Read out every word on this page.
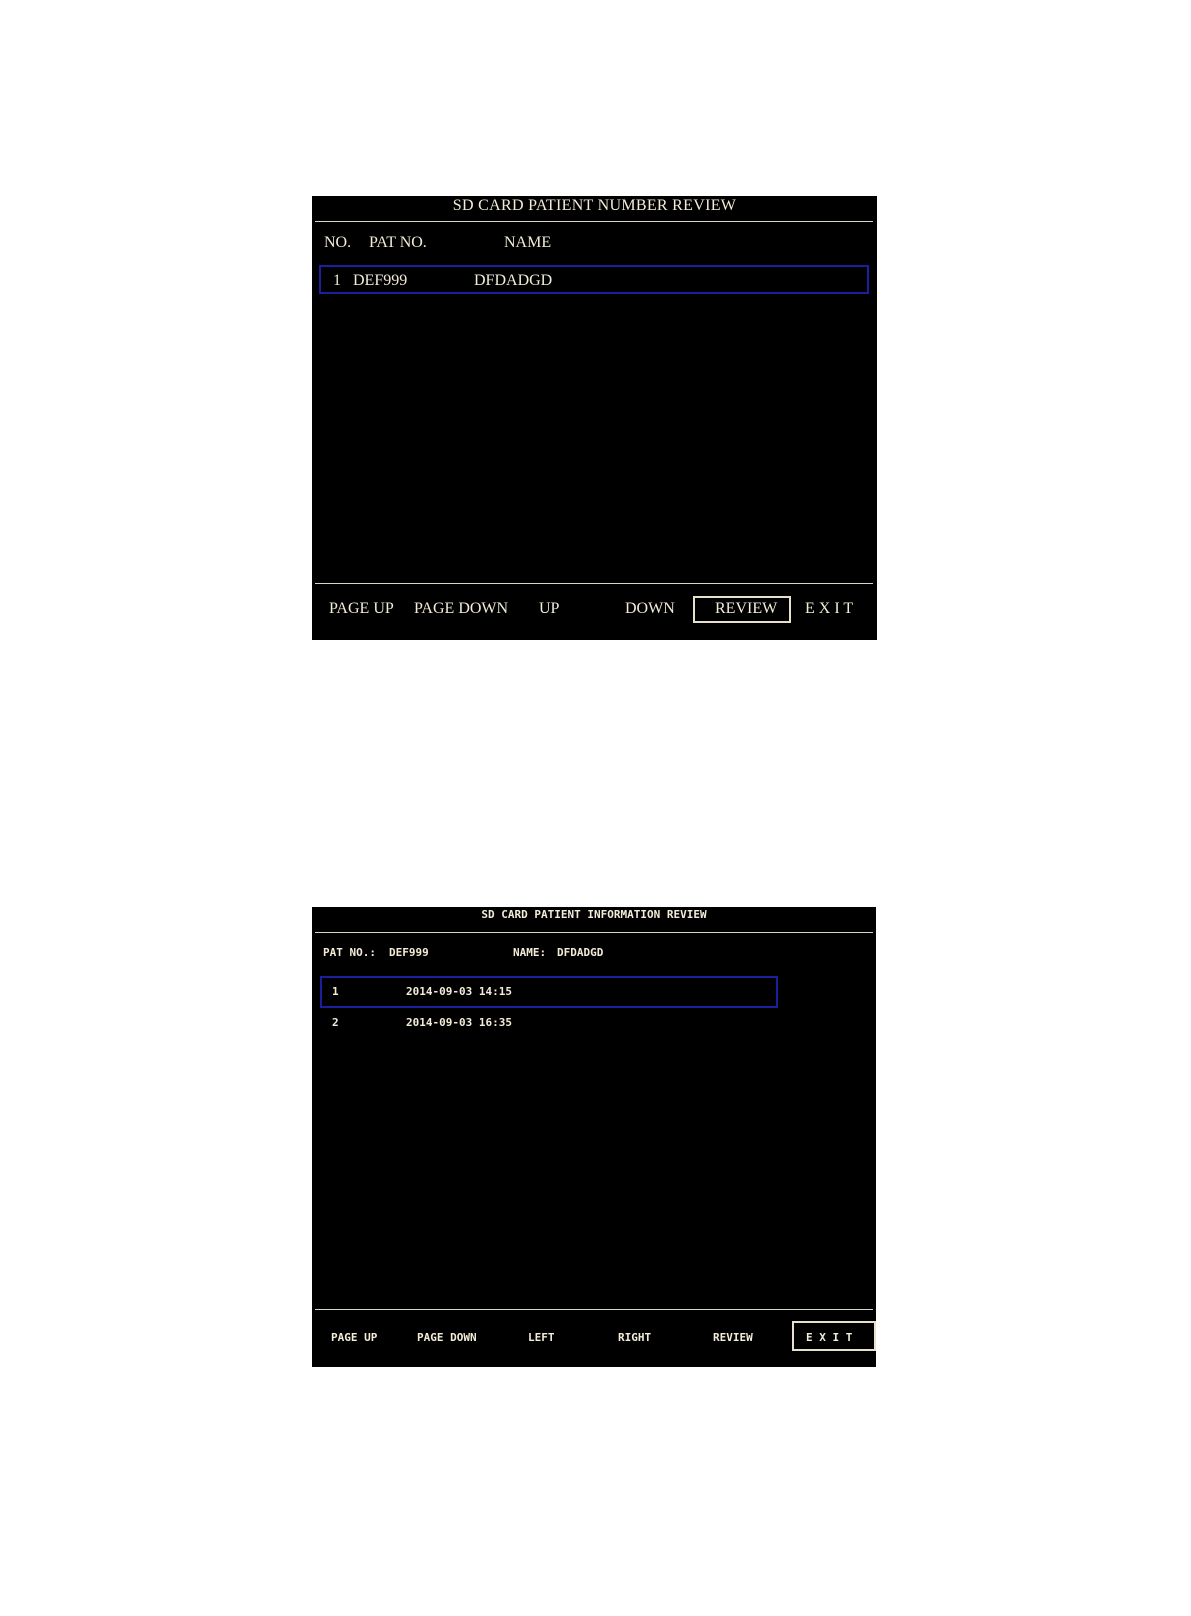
SD CARD PATIENT NUMBER REVIEW
NO. PAT NO.	NAME
1 DEF999	DFDADGD
PAGE UP PAGE DOWN UP	DOWN	REVIEW E X I T
SD CARD PATIENT INFORMATION REVIEW
PAT NO.: DEF999	NAME: DFDADGD
1	2014-09-03 14:15
2	2014-09-03 16:35
PAGE UP	PAGE DOWN	LEFT	RIGHT	REVIEW	E X I T
